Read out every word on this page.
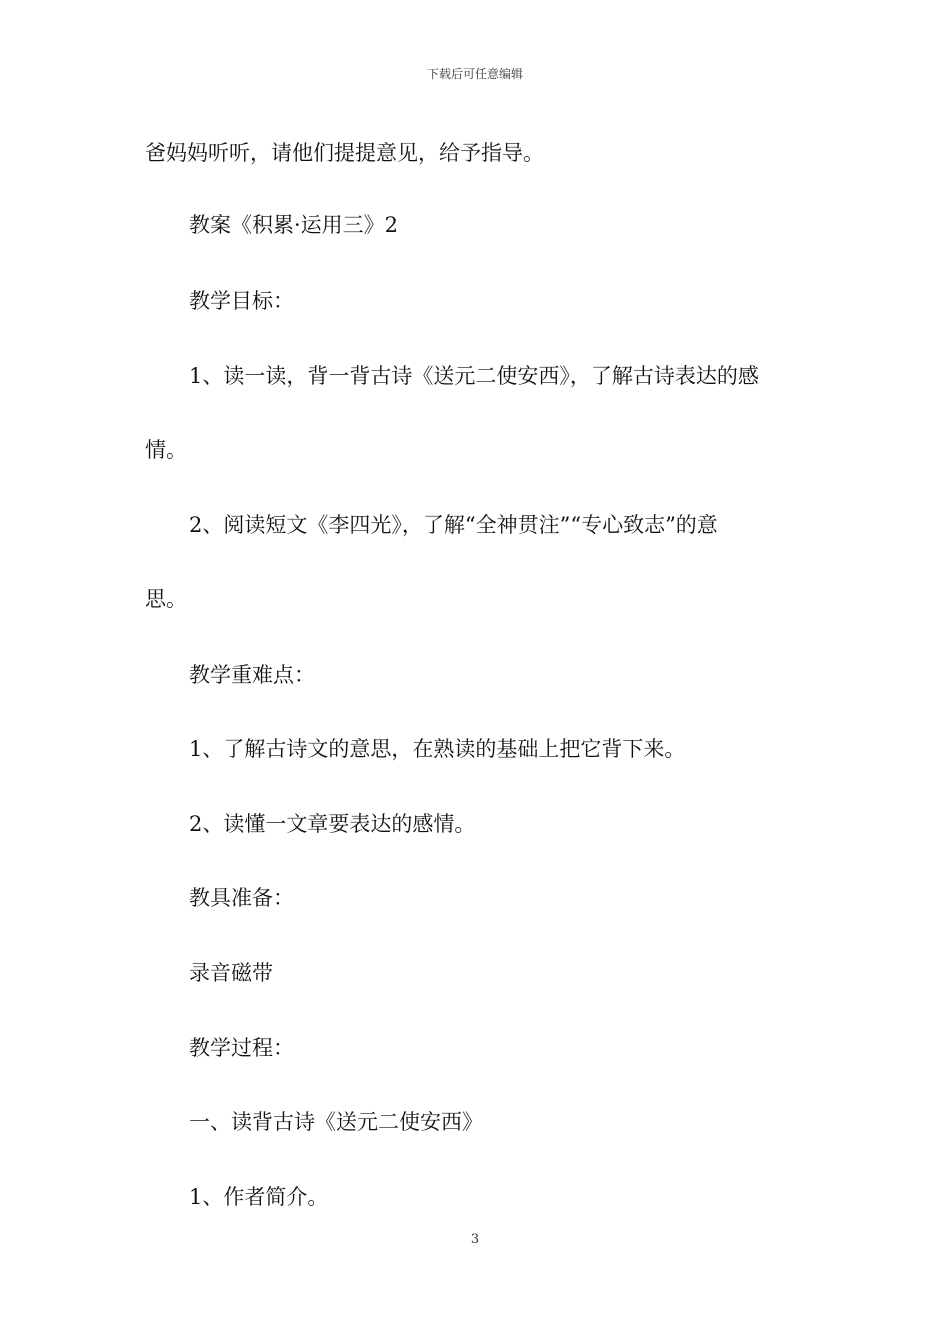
下载后可任意编辑
爸妈妈听听，请他们提提意见，给予指导。
教案《积累·运用三》2
教学目标：
1、读一读，背一背古诗《送元二使安西》，了解古诗表达的感
情。
2、阅读短文《李四光》，了解“全神贯注”“专心致志”的意
思。
教学重难点：
1、了解古诗文的意思，在熟读的基础上把它背下来。
2、读懂一文章要表达的感情。
教具准备：
录音磁带
教学过程：
一、读背古诗《送元二使安西》
1、作者简介。
3
